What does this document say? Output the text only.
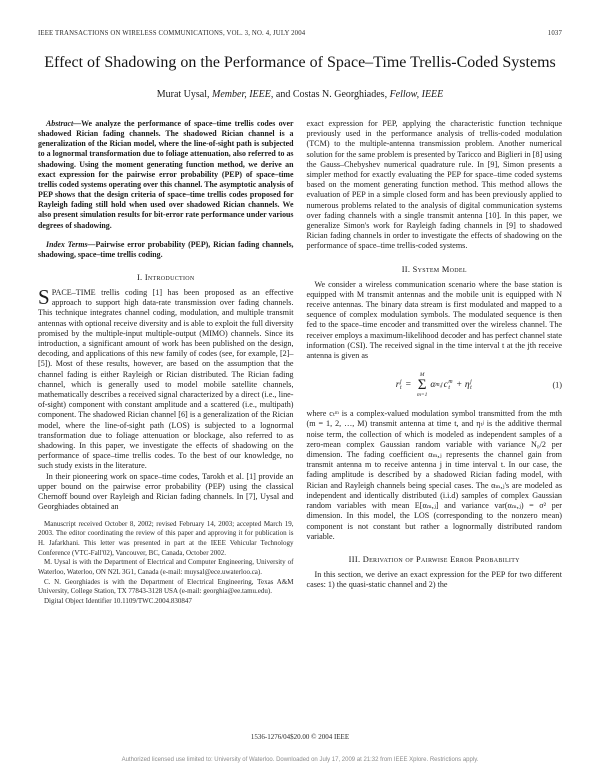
IEEE TRANSACTIONS ON WIRELESS COMMUNICATIONS, VOL. 3, NO. 4, JULY 2004	1037
Effect of Shadowing on the Performance of Space–Time Trellis-Coded Systems
Murat Uysal, Member, IEEE, and Costas N. Georghiades, Fellow, IEEE

Abstract—We analyze the performance of space–time trellis codes over shadowed Rician fading channels. The shadowed Rician channel is a generalization of the Rician model, where the line-of-sight path is subjected to a lognormal transformation due to foliage attenuation, also referred to as shadowing. Using the moment generating function method, we derive an exact expression for the pairwise error probability (PEP) of space–time trellis coded systems operating over this channel. The asymptotic analysis of PEP shows that the design criteria of space–time trellis codes proposed for Rayleigh fading still hold when used over shadowed Rician channels. We also present simulation results for bit-error rate performance under various degrees of shadowing.

Index Terms—Pairwise error probability (PEP), Rician fading channels, shadowing, space–time trellis coding.

I. Introduction

SPACE–TIME trellis coding [1] has been proposed as an effective approach to support high data-rate transmission over fading channels. This technique integrates channel coding, modulation, and multiple transmit antennas with optional receive diversity and is able to exploit the full diversity promised by the multiple-input multiple-output (MIMO) channels. Since its introduction, a significant amount of work has been published on the design, decoding, and applications of this new family of codes (see, for example, [2]–[5]). Most of these results, however, are based on the assumption that the channel fading is either Rayleigh or Rician distributed. The Rician fading channel, which is generally used to model mobile satellite channels, mathematically describes a received signal characterized by a direct (i.e., line-of-sight) component with constant amplitude and a scattered (i.e., multipath) component. The shadowed Rician channel [6] is a generalization of the Rician model, where the line-of-sight path (LOS) is subjected to a lognormal transformation due to foliage attenuation or blockage, also referred to as shadowing. In this paper, we investigate the effects of shadowing on the performance of space–time trellis codes. To the best of our knowledge, no such study exists in the literature.

In their pioneering work on space–time codes, Tarokh et al. [1] provide an upper bound on the pairwise error probability (PEP) using the classical Chernoff bound over Rayleigh and Rician fading channels. In [7], Uysal and Georghiades obtained an

Manuscript received October 8, 2002; revised February 14, 2003; accepted March 19, 2003. The editor coordinating the review of this paper and approving it for publication is H. Jafarkhani. This letter was presented in part at the IEEE Vehicular Technology Conference (VTC-Fall'02), Vancouver, BC, Canada, October 2002.

M. Uysal is with the Department of Electrical and Computer Engineering, University of Waterloo, Waterloo, ON N2L 3G1, Canada (e-mail: muysal@ece.uwaterloo.ca).

C. N. Georghiades is with the Department of Electrical Engineering, Texas A&M University, College Station, TX 77843-3128 USA (e-mail: georghia@ee.tamu.edu).

Digital Object Identifier 10.1109/TWC.2004.830847

exact expression for PEP, applying the characteristic function technique previously used in the performance analysis of trellis-coded modulation (TCM) to the multiple-antenna transmission problem. Another numerical solution for the same problem is presented by Taricco and Biglieri in [8] using the Gauss–Chebyshev numerical quadrature rule. In [9], Simon presents a simpler method for exactly evaluating the PEP for space–time coded systems based on the moment generating function method. This method allows the evaluation of PEP in a simple closed form and has been previously applied to numerous problems related to the analysis of digital communication systems over fading channels with a single transmit antenna [10]. In this paper, we generalize Simon's work for Rayleigh fading channels in [9] to shadowed Rician fading channels in order to investigate the effects of shadowing on the performance of space–time trellis-coded systems.

II. System Model

We consider a wireless communication scenario where the base station is equipped with M transmit antennas and the mobile unit is equipped with N receive antennas. The binary data stream is first modulated and mapped to a sequence of complex modulation symbols. The modulated sequence is then fed to the space–time encoder and transmitted over the wireless channel. The receiver employs a maximum-likelihood decoder and has perfect channel state information (CSI). The received signal in the time interval t at the jth receive antenna is given as

r j
t =
M
Σ
m=1
α m,j c m
t + η j
t	(1)

where cₜᵐ is a complex-valued modulation symbol transmitted from the mth (m = 1, 2, …, M) transmit antenna at time t, and ηₜʲ is the additive thermal noise term, the collection of which is modeled as independent samples of a zero-mean complex Gaussian random variable with variance N₀/2 per dimension. The fading coefficient αₘ,ⱼ represents the channel gain from transmit antenna m to receive antenna j in time interval t. In our case, the fading amplitude is described by a shadowed Rician fading model, with Rician and Rayleigh channels being special cases. The αₘ,ⱼ's are modeled as independent and identically distributed (i.i.d) samples of complex Gaussian random variables with mean E[αₘ,ⱼ] and variance var(αₘ,ⱼ) = σ² per dimension. In this model, the LOS (corresponding to the nonzero mean) component is not constant but rather a lognormally distributed random variable.

III. Derivation of Pairwise Error Probability

In this section, we derive an exact expression for the PEP for two different cases: 1) the quasi-static channel and 2) the

1536-1276/04$20.00 © 2004 IEEE
Authorized licensed use limited to: University of Waterloo. Downloaded on July 17, 2009 at 21:32 from IEEE Xplore. Restrictions apply.
